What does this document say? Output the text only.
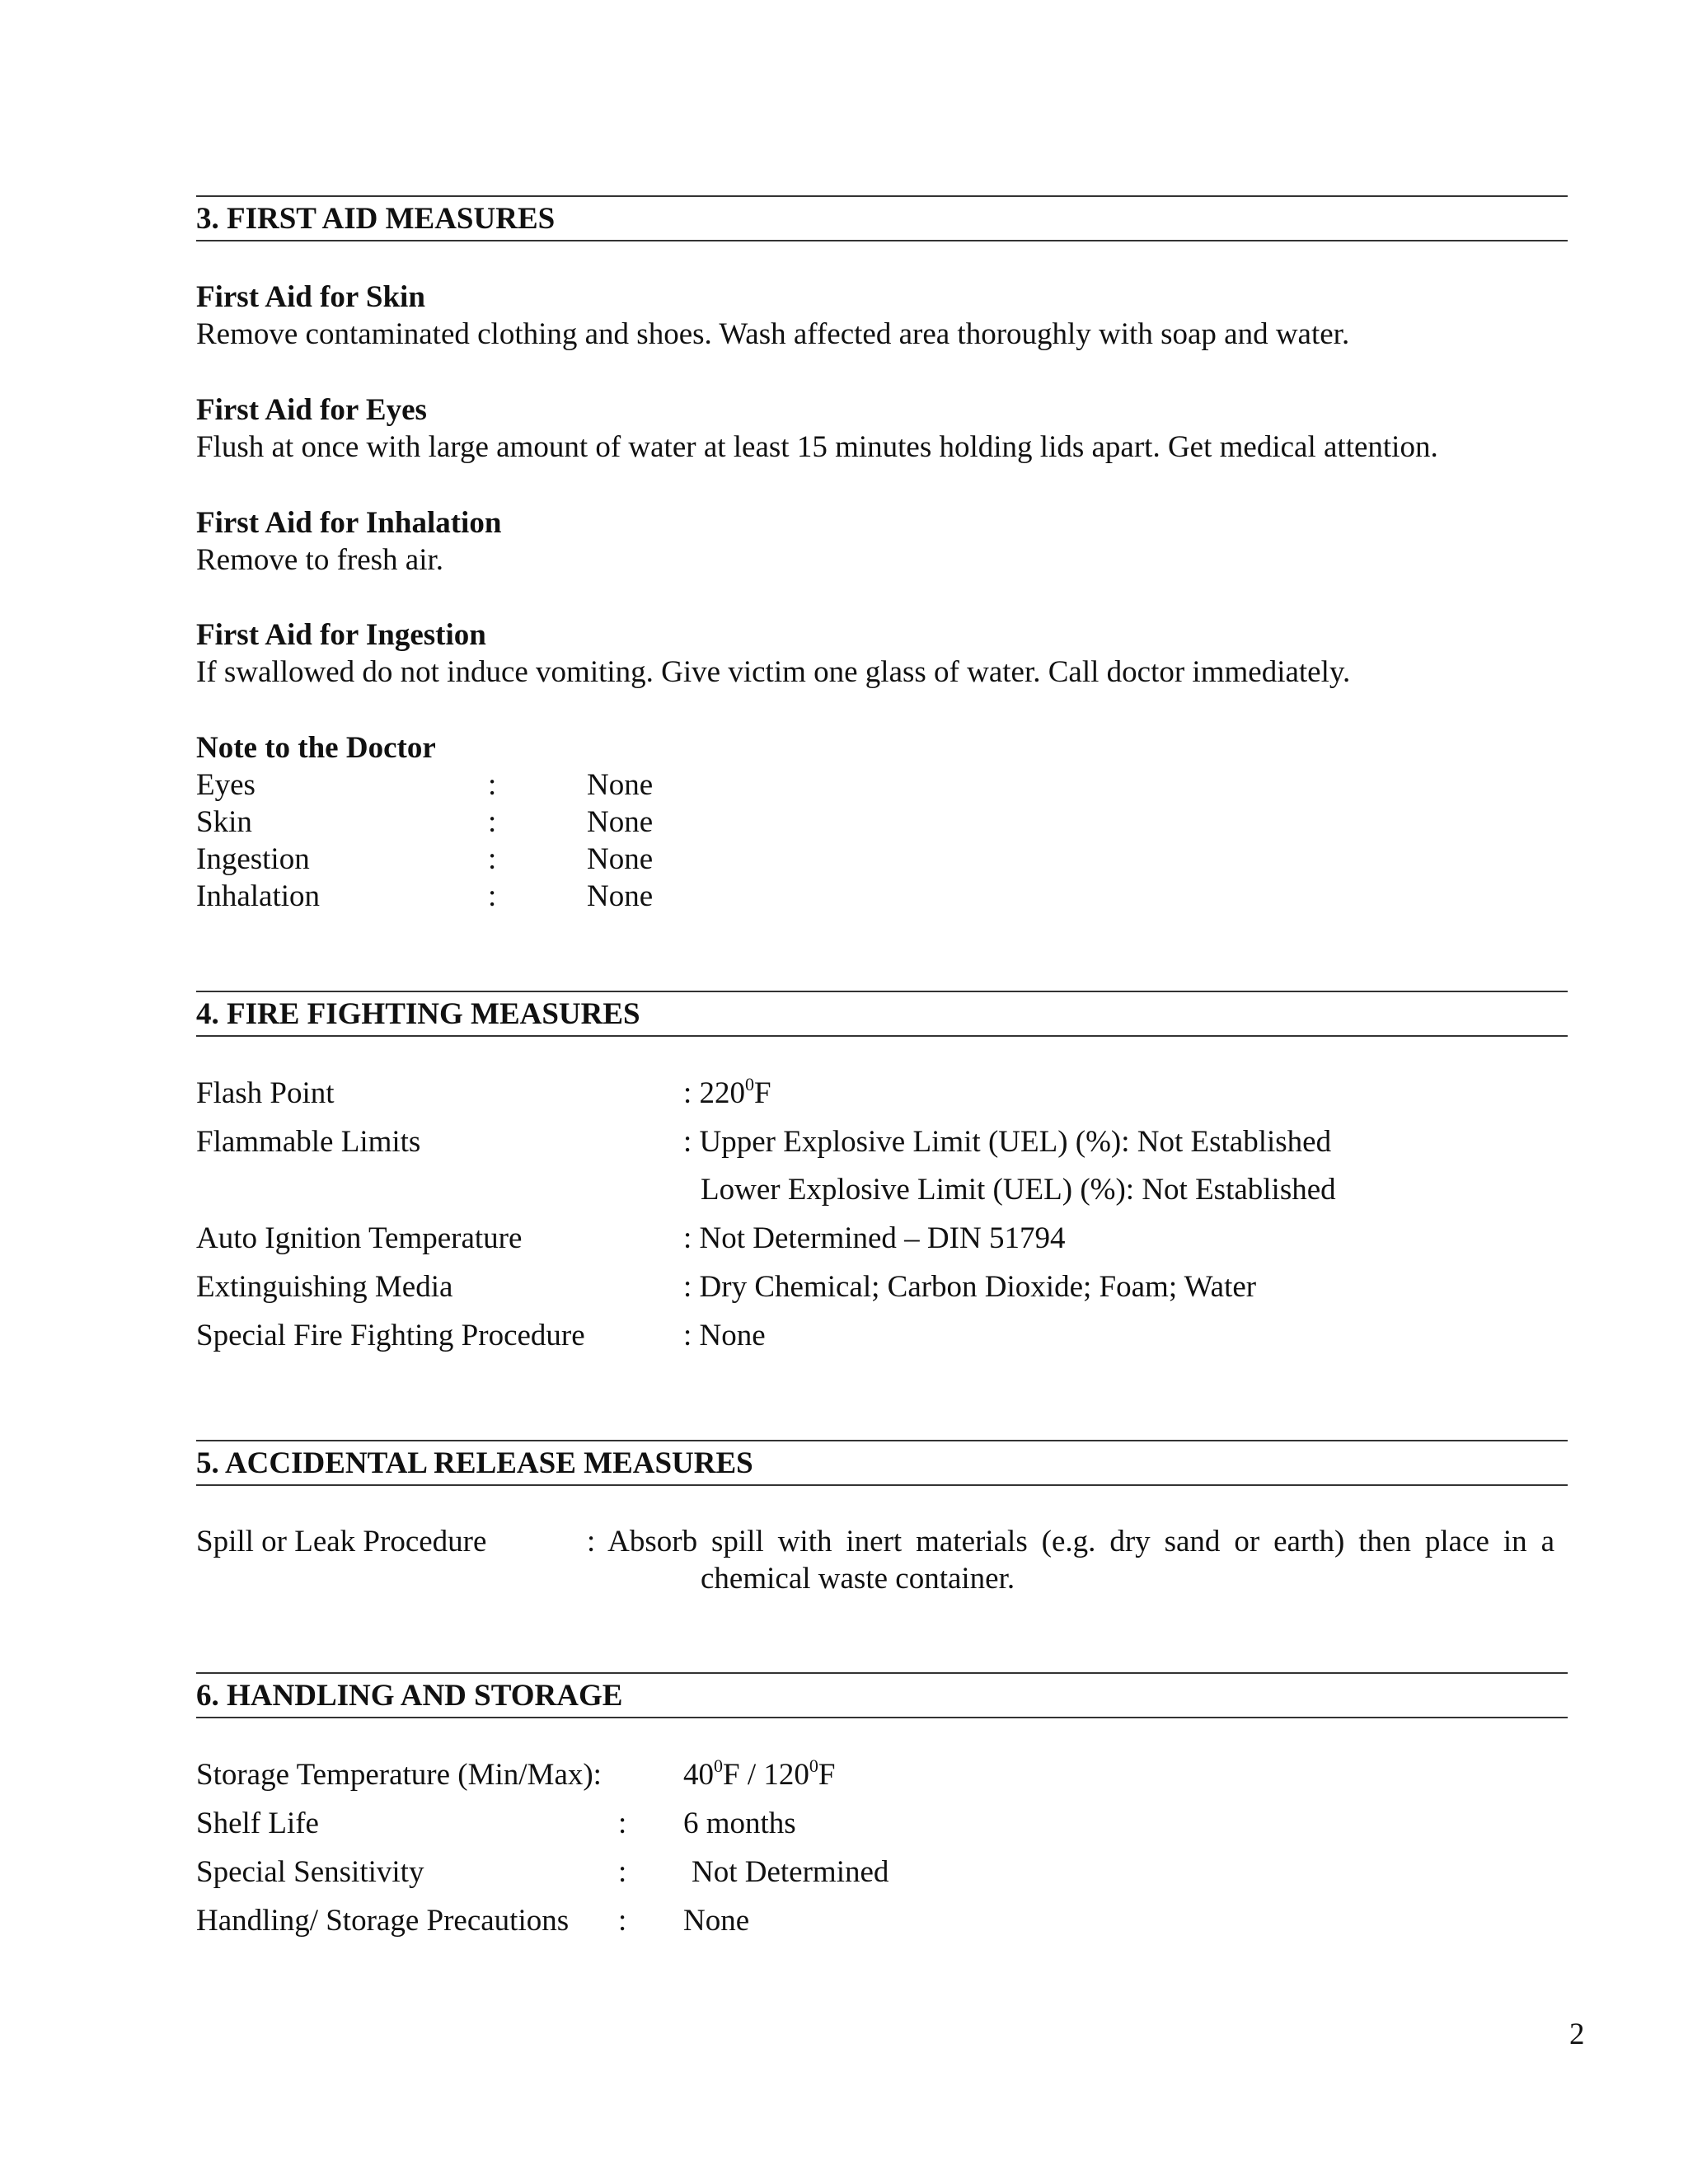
3. FIRST AID MEASURES
First Aid for Skin
Remove contaminated clothing and shoes. Wash affected area thoroughly with soap and water.
First Aid for Eyes
Flush at once with large amount of water at least 15 minutes holding lids apart. Get medical attention.
First Aid for Inhalation
Remove to fresh air.
First Aid for Ingestion
If swallowed do not induce vomiting. Give victim one glass of water. Call doctor immediately.
Note to the Doctor
Eyes	:	None
Skin	:	None
Ingestion	:	None
Inhalation	:	None
4. FIRE FIGHTING MEASURES
Flash Point	: $220^0F$
Flammable Limits	: Upper Explosive Limit (UEL) (%): Not Established
Lower Explosive Limit (UEL) (%): Not Established
Auto Ignition Temperature	: Not Determined – DIN 51794
Extinguishing Media	: Dry Chemical; Carbon Dioxide; Foam; Water
Special Fire Fighting Procedure	: None
5. ACCIDENTAL RELEASE MEASURES
Spill or Leak Procedure	: Absorb spill with inert materials (e.g. dry sand or earth) then place in a
chemical waste container.
6. HANDLING AND STORAGE
Storage Temperature (Min/Max):	$40^0F / 120^0F$
Shelf Life	: 6 months
Special Sensitivity	: Not Determined
Handling/ Storage Precautions : None
2
